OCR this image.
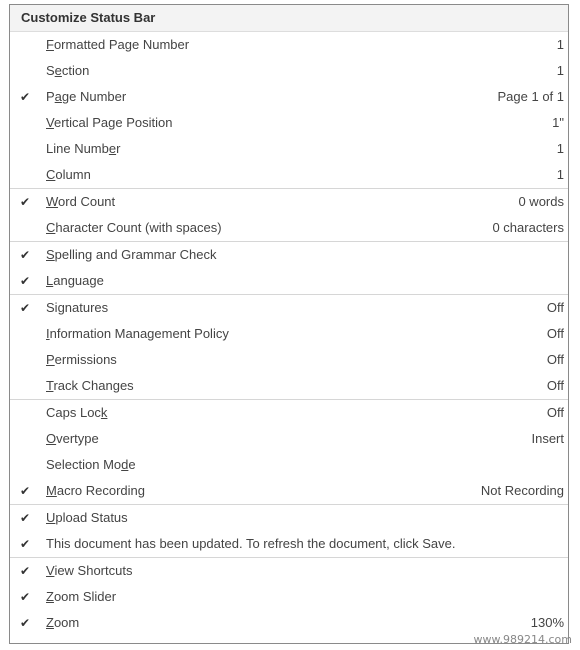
Customize Status Bar
Formatted Page Number	1
Section	1
✔ Page Number	Page 1 of 1
Vertical Page Position	1"
Line Number	1
Column	1
✔ Word Count	0 words
Character Count (with spaces)	0 characters
✔ Spelling and Grammar Check
✔ Language
✔ Signatures	Off
Information Management Policy	Off
Permissions	Off
Track Changes	Off
Caps Lock	Off
Overtype	Insert
Selection Mode
✔ Macro Recording	Not Recording
✔ Upload Status
✔ This document has been updated. To refresh the document, click Save.
✔ View Shortcuts
✔ Zoom Slider
✔ Zoom	130%
www.989214.com
